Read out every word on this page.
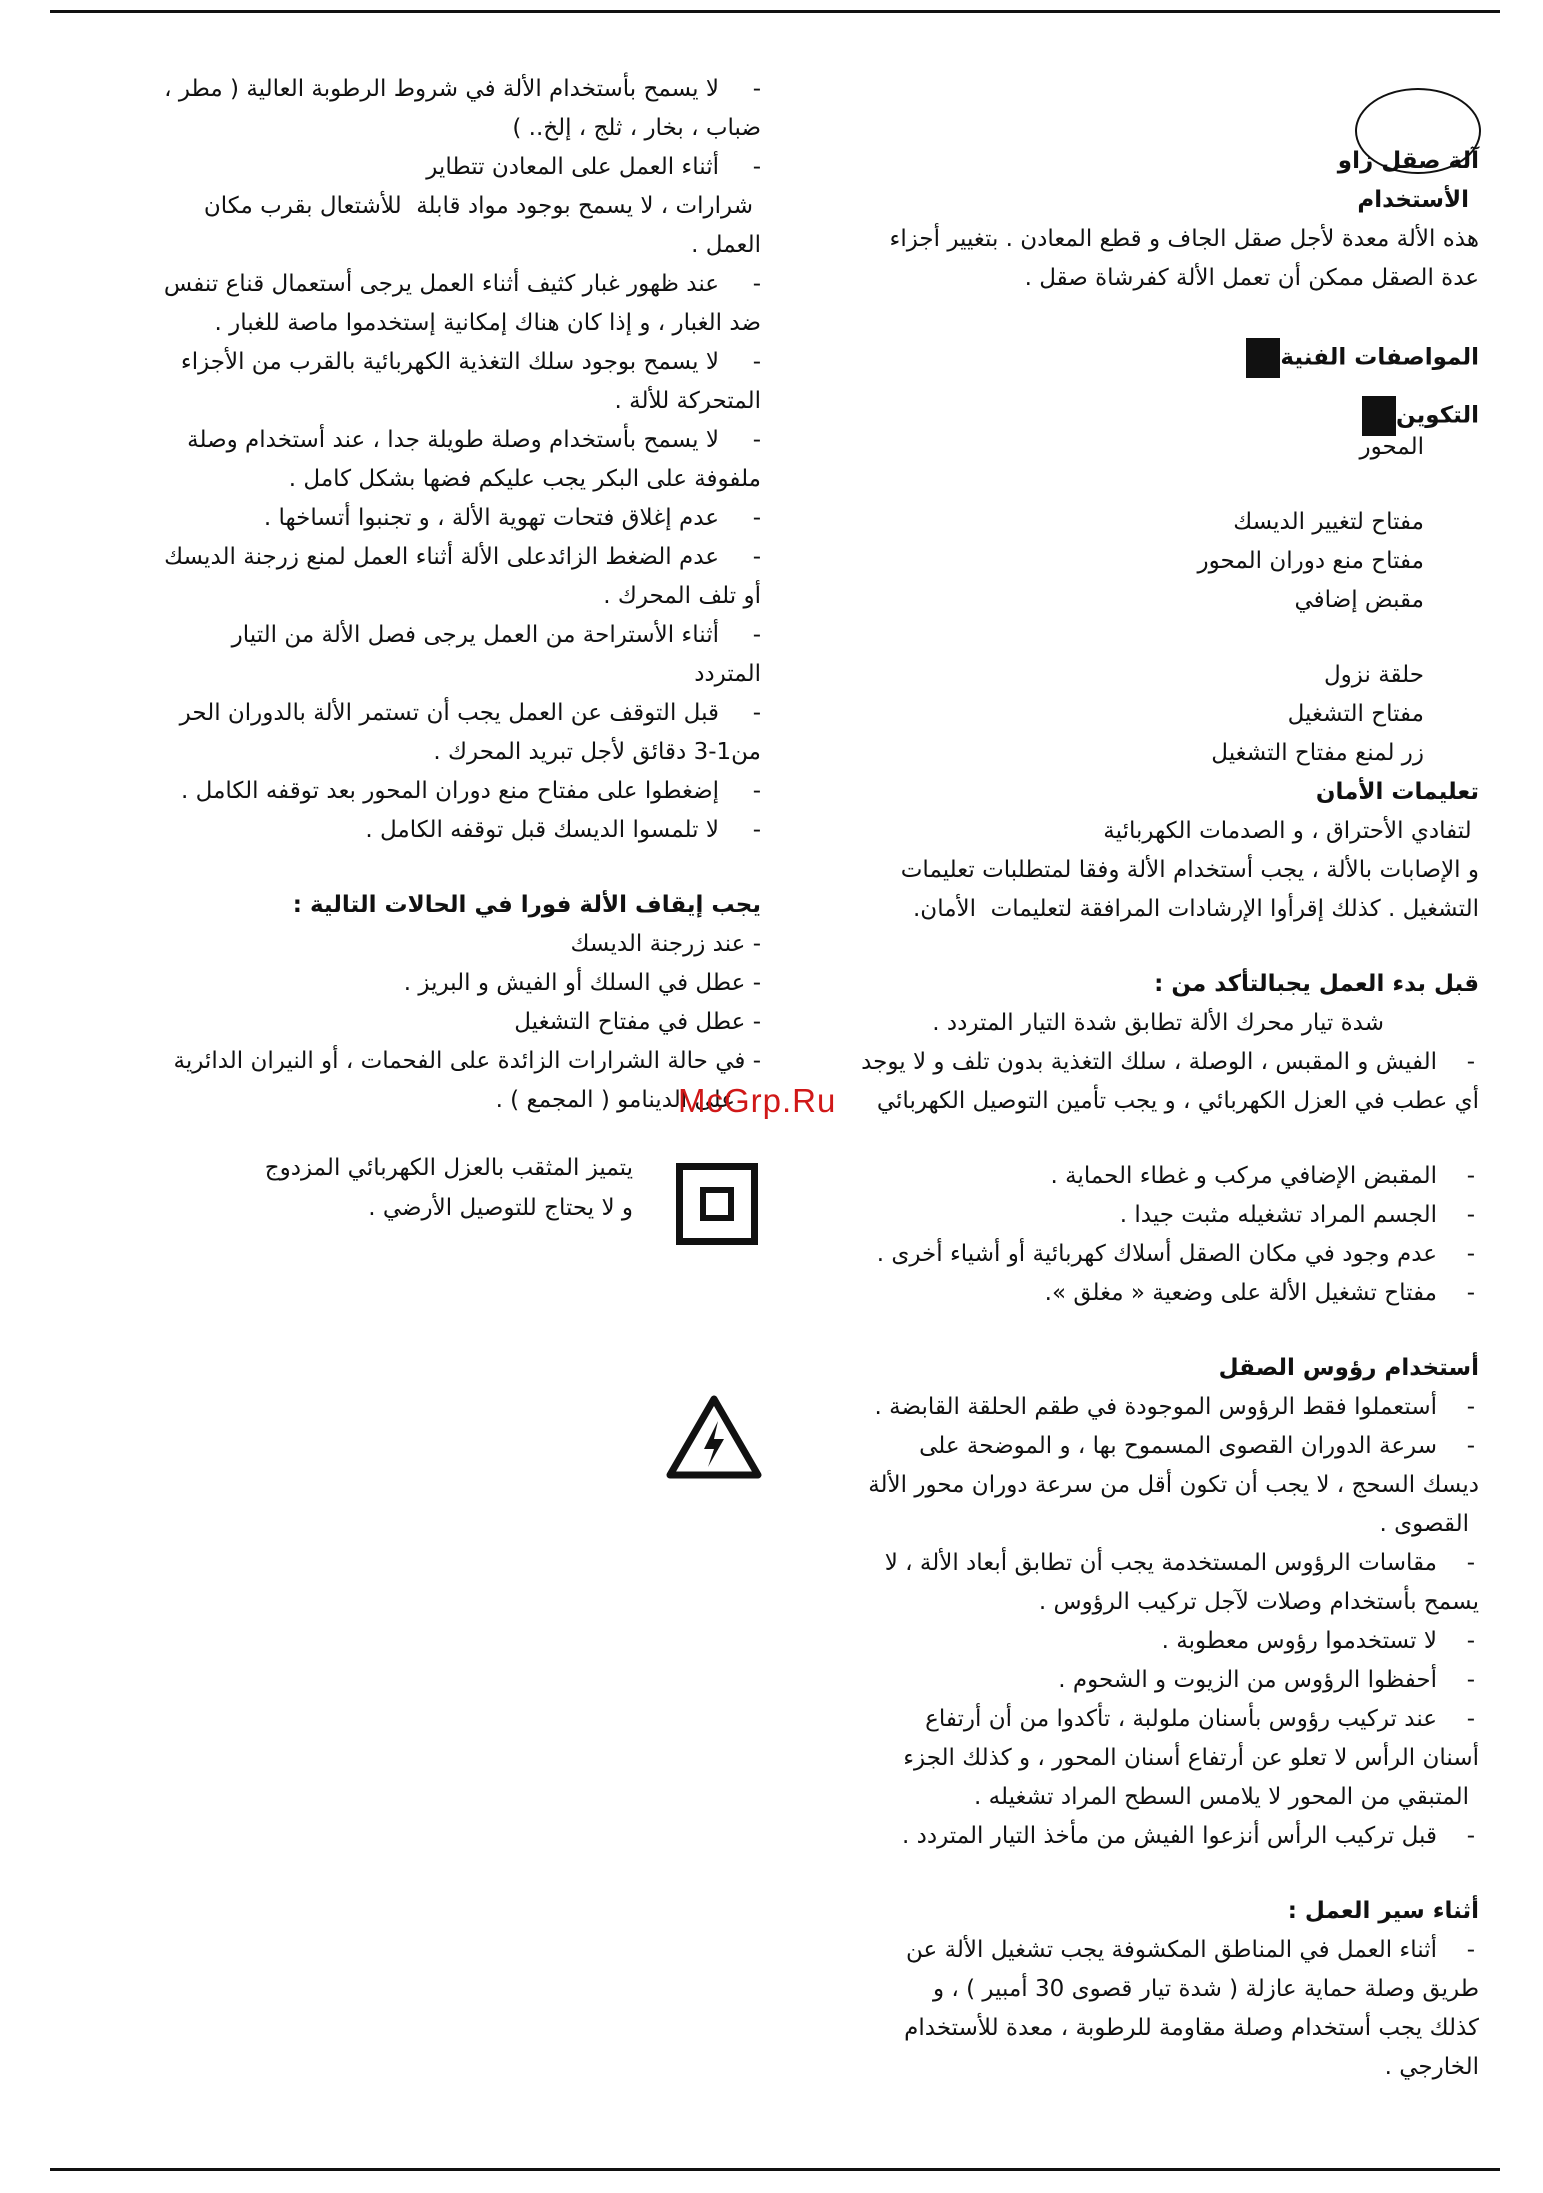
آلة صقل زاو
الأستخدام

هذه الألة معدة لأجل صقل الجاف و قطع المعادن . بتغيير أجزاء

عدة الصقل ممكن أن تعمل الألة كفرشاة صقل .

المواصفات الفنية
التكوين

المحور

مفتاح لتغيير الديسك

مفتاح منع دوران المحور

مقبض إضافي

حلقة نزول

مفتاح التشغيل

زر لمنع مفتاح التشغيل

تعليمات الأمان

لتفادي الأحتراق ، و الصدمات الكهربائية

و الإصابات بالألة ، يجب أستخدام الألة وفقا لمتطلبات تعليمات

التشغيل . كذلك إقرأوا الإرشادات المرافقة لتعليمات  الأمان.

قبل بدء العمل يجبالتأكد من :

شدة تيار محرك الألة تطابق شدة التيار المتردد .

- الفيش و المقبس ، الوصلة ، سلك التغذية بدون تلف و لا يوجد

أي عطب في العزل الكهربائي ، و يجب تأمين التوصيل الكهربائي

- المقبض الإضافي مركب و غطاء الحماية .

- الجسم المراد تشغيله مثبت جيدا .

- عدم وجود في مكان الصقل أسلاك كهربائية أو أشياء أخرى .

- مفتاح تشغيل الألة على وضعية « مغلق ».

أستخدام رؤوس الصقل

- أستعملوا فقط الرؤوس الموجودة في طقم الحلقة القابضة .

- سرعة الدوران القصوى المسموح بها ، و الموضحة على

ديسك السحج ، لا يجب أن تكون أقل من سرعة دوران محور الألة

القصوى .

- مقاسات الرؤوس المستخدمة يجب أن تطابق أبعاد الألة ، لا

يسمح بأستخدام وصلات لآجل تركيب الرؤوس .

- لا تستخدموا رؤوس معطوبة .

- أحفظوا الرؤوس من الزيوت و الشحوم .

- عند تركيب رؤوس بأسنان ملولبة ، تأكدوا من أن أرتفاع

أسنان الرأس لا تعلو عن أرتفاع أسنان المحور ، و كذلك الجزء

المتبقي من المحور لا يلامس السطح المراد تشغيله .

- قبل تركيب الرأس أنزعوا الفيش من مأخذ التيار المتردد .

أثناء سير العمل :

- أثناء العمل في المناطق المكشوفة يجب تشغيل الألة عن

طريق وصلة حماية عازلة ( شدة تيار قصوى 30 أمبير ) ، و

كذلك يجب أستخدام وصلة مقاومة للرطوبة ، معدة للأستخدام

الخارجي .

- لا يسمح بأستخدام الألة في شروط الرطوبة العالية ( مطر ،

ضباب ، بخار ، ثلج ، إلخ.. )

- أثناء العمل على المعادن تتطاير

شرارات ، لا يسمح بوجود مواد قابلة  للأشتعال بقرب مكان

العمل .

- عند ظهور غبار كثيف أثناء العمل يرجى أستعمال قناع تنفس

ضد الغبار ، و إذا كان هناك إمكانية إستخدموا ماصة للغبار .

- لا يسمح بوجود سلك التغذية الكهربائية بالقرب من الأجزاء

المتحركة للألة .

- لا يسمح بأستخدام وصلة طويلة جدا ، عند أستخدام وصلة

ملفوفة على البكر يجب عليكم فضها بشكل كامل .

- عدم إغلاق فتحات تهوية الألة ، و تجنبوا أتساخها .

- عدم الضغط الزائدعلى الألة أثناء العمل لمنع زرجنة الديسك

أو تلف المحرك .

- أثناء الأستراحة من العمل يرجى فصل الألة من التيار

المتردد

- قبل التوقف عن العمل يجب أن تستمر الألة بالدوران الحر

من1-3 دقائق لأجل تبريد المحرك .

- إضغطوا على مفتاح منع دوران المحور بعد توقفه الكامل .

- لا تلمسوا الديسك قبل توقفه الكامل .

يجب إيقاف الألة فورا في الحالات التالية :

- عند زرجنة الديسك

- عطل في السلك أو الفيش و البريز .

- عطل في مفتاح التشغيل

- في حالة الشرارات الزائدة على الفحمات ، أو النيران الدائرية

على الدينامو ( المجمع ) .

McGrp.Ru

يتميز المثقب بالعزل الكهربائي المزدوج

و لا يحتاج للتوصيل الأرضي .
